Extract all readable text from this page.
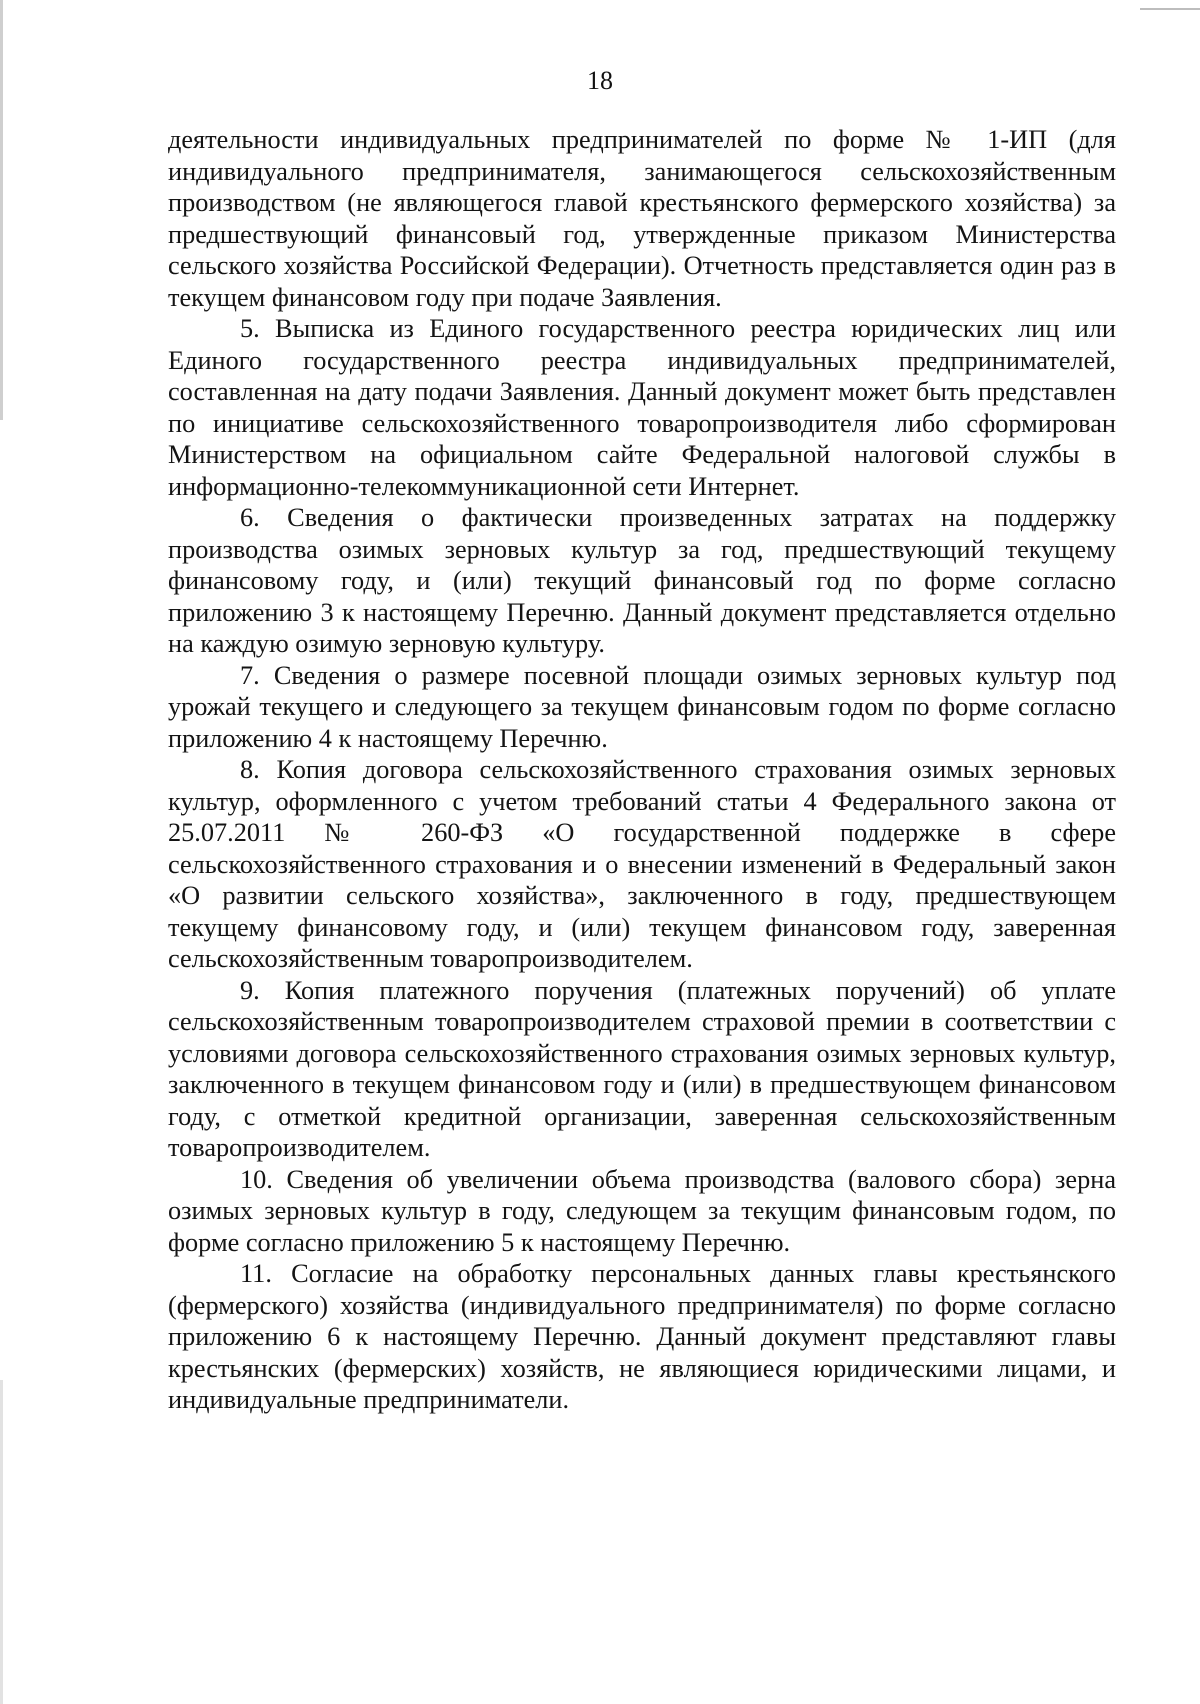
18

деятельности индивидуальных предпринимателей по форме № 1-ИП (для индивидуального предпринимателя, занимающегося сельскохозяйственным производством (не являющегося главой крестьянского фермерского хозяйства) за предшествующий финансовый год, утвержденные приказом Министерства сельского хозяйства Российской Федерации). Отчетность представляется один раз в текущем финансовом году при подаче Заявления.

5. Выписка из Единого государственного реестра юридических лиц или Единого государственного реестра индивидуальных предпринимателей, составленная на дату подачи Заявления. Данный документ может быть представлен по инициативе сельскохозяйственного товаропроизводителя либо сформирован Министерством на официальном сайте Федеральной налоговой службы в информационно-телекоммуникационной сети Интернет.

6. Сведения о фактически произведенных затратах на поддержку производства озимых зерновых культур за год, предшествующий текущему финансовому году, и (или) текущий финансовый год по форме согласно приложению 3 к настоящему Перечню. Данный документ представляется отдельно на каждую озимую зерновую культуру.

7. Сведения о размере посевной площади озимых зерновых культур под урожай текущего и следующего за текущем финансовым годом по форме согласно приложению 4 к настоящему Перечню.

8. Копия договора сельскохозяйственного страхования озимых зерновых культур, оформленного с учетом требований статьи 4 Федерального закона от 25.07.2011 № 260-ФЗ «О государственной поддержке в сфере сельскохозяйственного страхования и о внесении изменений в Федеральный закон «О развитии сельского хозяйства», заключенного в году, предшествующем текущему финансовому году, и (или) текущем финансовом году, заверенная сельскохозяйственным товаропроизводителем.

9. Копия платежного поручения (платежных поручений) об уплате сельскохозяйственным товаропроизводителем страховой премии в соответствии с условиями договора сельскохозяйственного страхования озимых зерновых культур, заключенного в текущем финансовом году и (или) в предшествующем финансовом году, с отметкой кредитной организации, заверенная сельскохозяйственным товаропроизводителем.

10. Сведения об увеличении объема производства (валового сбора) зерна озимых зерновых культур в году, следующем за текущим финансовым годом, по форме согласно приложению 5 к настоящему Перечню.

11. Согласие на обработку персональных данных главы крестьянского (фермерского) хозяйства (индивидуального предпринимателя) по форме согласно приложению 6 к настоящему Перечню. Данный документ представляют главы крестьянских (фермерских) хозяйств, не являющиеся юридическими лицами, и индивидуальные предприниматели.
